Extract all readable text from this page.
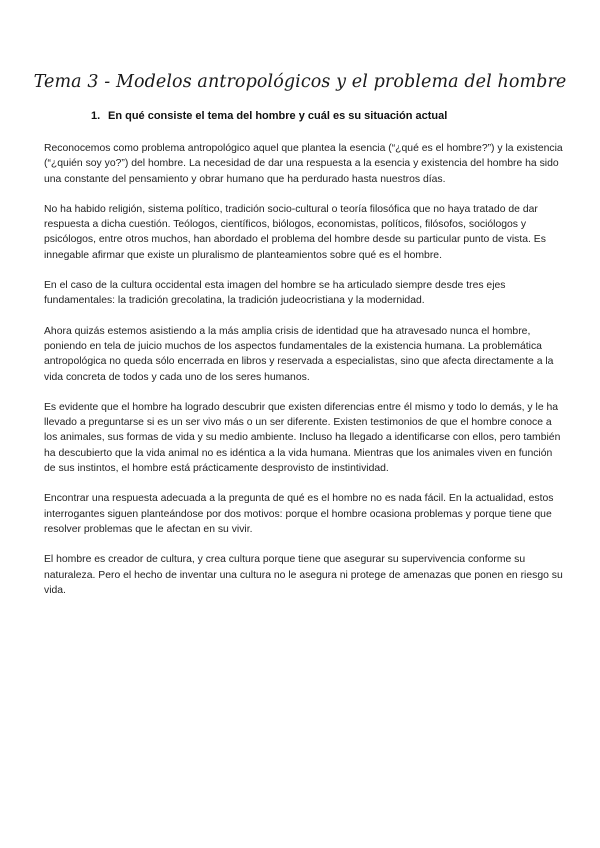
Tema 3 - Modelos antropológicos y el problema del hombre
1. En qué consiste el tema del hombre y cuál es su situación actual

Reconocemos como problema antropológico aquel que plantea la esencia (“¿qué es el hombre?”) y la existencia (“¿quién soy yo?”) del hombre. La necesidad de dar una respuesta a la esencia y existencia del hombre ha sido una constante del pensamiento y obrar humano que ha perdurado hasta nuestros días.

No ha habido religión, sistema político, tradición socio-cultural o teoría filosófica que no haya tratado de dar respuesta a dicha cuestión. Teólogos, científicos, biólogos, economistas, políticos, filósofos, sociólogos y psicólogos, entre otros muchos, han abordado el problema del hombre desde su particular punto de vista. Es innegable afirmar que existe un pluralismo de planteamientos sobre qué es el hombre.

En el caso de la cultura occidental esta imagen del hombre se ha articulado siempre desde tres ejes fundamentales: la tradición grecolatina, la tradición judeocristiana y la modernidad.

Ahora quizás estemos asistiendo a la más amplia crisis de identidad que ha atravesado nunca el hombre, poniendo en tela de juicio muchos de los aspectos fundamentales de la existencia humana. La problemática antropológica no queda sólo encerrada en libros y reservada a especialistas, sino que afecta directamente a la vida concreta de todos y cada uno de los seres humanos.

Es evidente que el hombre ha logrado descubrir que existen diferencias entre él mismo y todo lo demás, y le ha llevado a preguntarse si es un ser vivo más o un ser diferente. Existen testimonios de que el hombre conoce a los animales, sus formas de vida y su medio ambiente. Incluso ha llegado a identificarse con ellos, pero también ha descubierto que la vida animal no es idéntica a la vida humana. Mientras que los animales viven en función de sus instintos, el hombre está prácticamente desprovisto de instintividad.

Encontrar una respuesta adecuada a la pregunta de qué es el hombre no es nada fácil. En la actualidad, estos interrogantes siguen planteándose por dos motivos: porque el hombre ocasiona problemas y porque tiene que resolver problemas que le afectan en su vivir.

El hombre es creador de cultura, y crea cultura porque tiene que asegurar su supervivencia conforme su naturaleza. Pero el hecho de inventar una cultura no le asegura ni protege de amenazas que ponen en riesgo su vida.
